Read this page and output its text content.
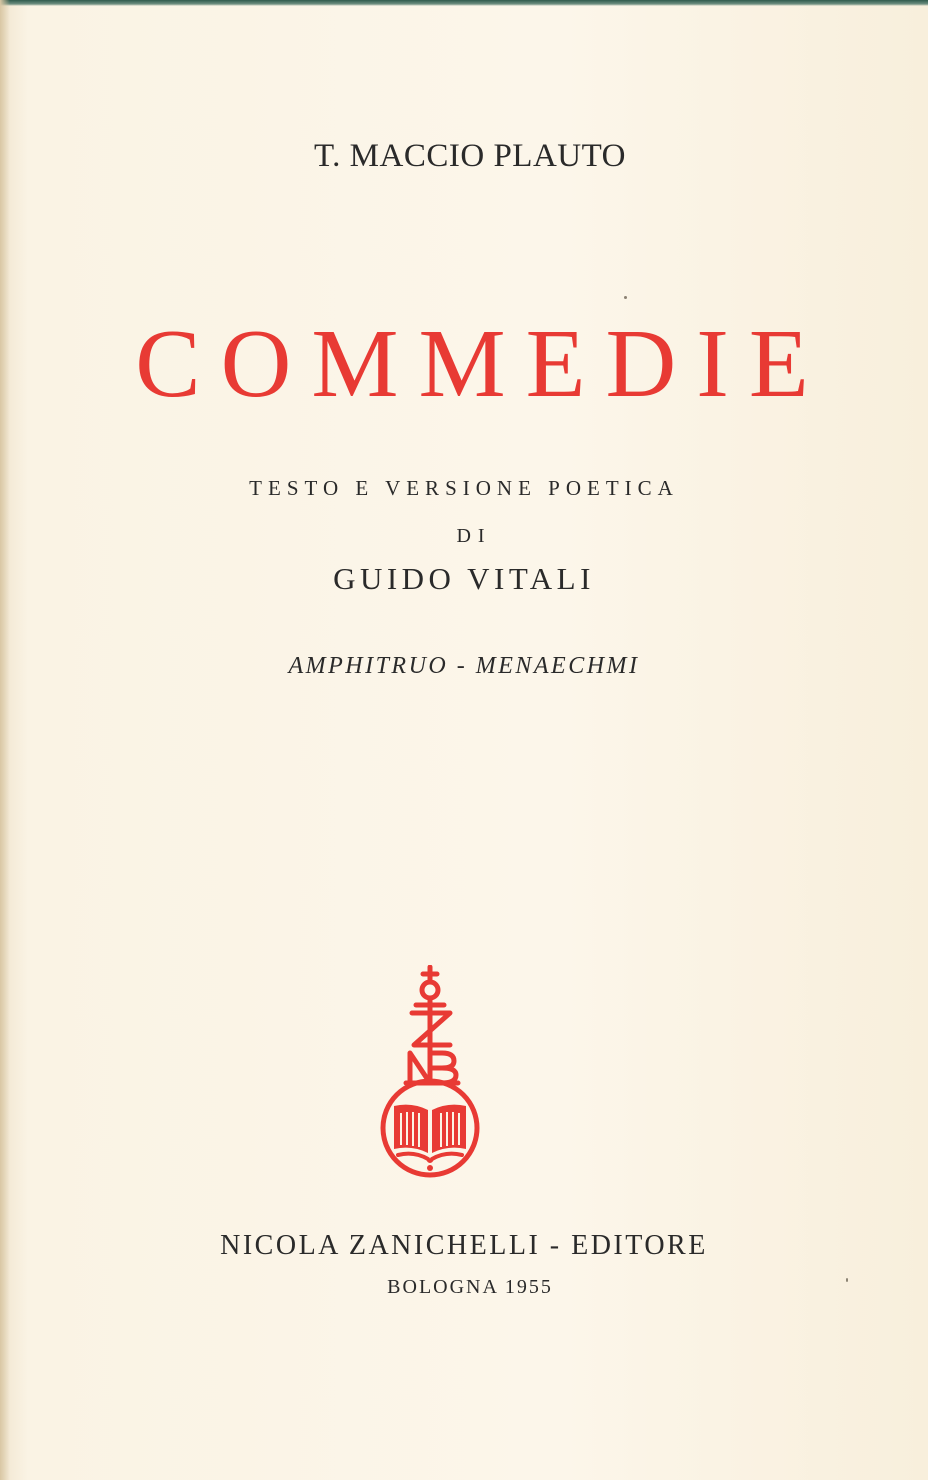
T. MACCIO PLAUTO
COMMEDIE
TESTO E VERSIONE POETICA
DI
GUIDO VITALI
AMPHITRUO - MENAECHMI
NICOLA ZANICHELLI - EDITORE
BOLOGNA 1955
